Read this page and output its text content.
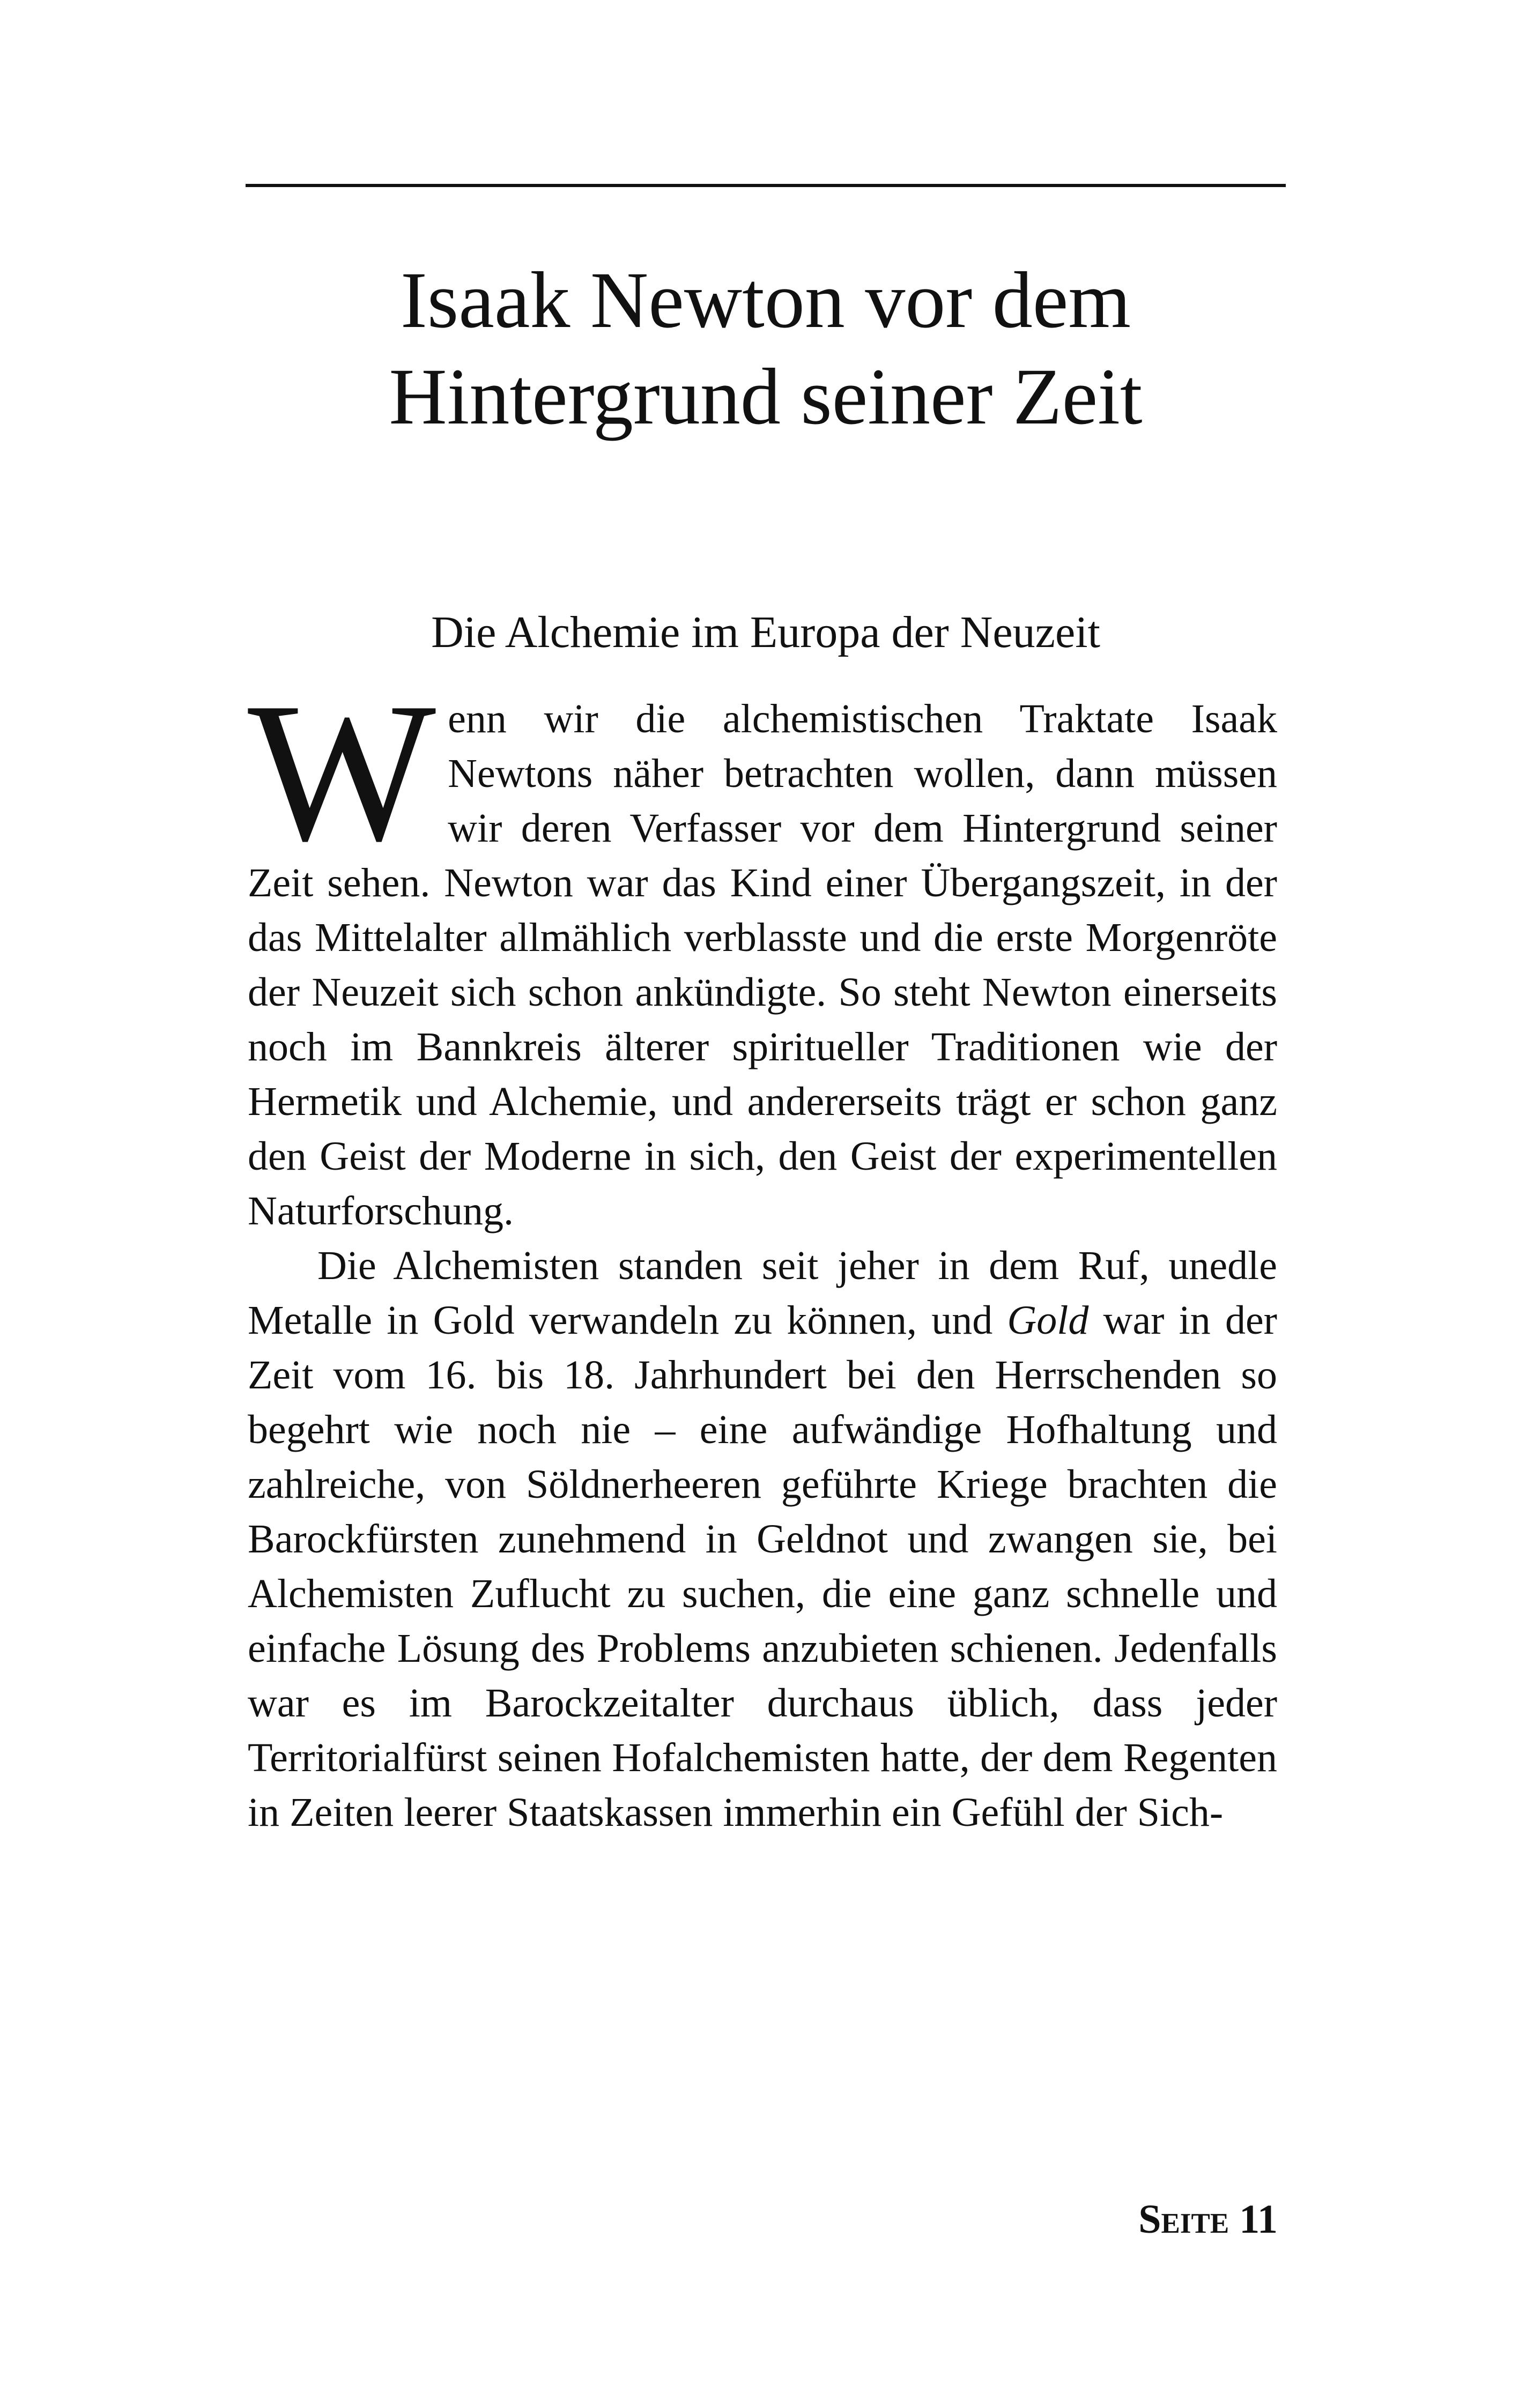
Isaak Newton vor dem
Hintergrund seiner Zeit
Die Alchemie im Europa der Neuzeit

Wenn wir die alchemistischen Traktate Isaak Newtons näher betrachten wollen, dann müssen wir deren Verfasser vor dem Hintergrund seiner Zeit sehen. Newton war das Kind einer Übergangszeit, in der das Mittelalter allmählich verblasste und die erste Morgenröte der Neuzeit sich schon ankündigte. So steht Newton einerseits noch im Bannkreis älterer spiritueller Traditionen wie der Hermetik und Alchemie, und andererseits trägt er schon ganz den Geist der Moderne in sich, den Geist der experimentellen Naturforschung.

Die Alchemisten standen seit jeher in dem Ruf, unedle Metalle in Gold verwandeln zu können, und Gold war in der Zeit vom 16. bis 18. Jahrhundert bei den Herrschenden so begehrt wie noch nie – eine aufwändige Hofhaltung und zahlreiche, von Söldnerheeren geführte Kriege brachten die Barockfürsten zunehmend in Geldnot und zwangen sie, bei Alchemisten Zuflucht zu suchen, die eine ganz schnelle und einfache Lösung des Problems anzubieten schienen. Jedenfalls war es im Barockzeitalter durchaus üblich, dass jeder Territorialfürst seinen Hofalchemisten hatte, der dem Regenten in Zeiten leerer Staatskassen immerhin ein Gefühl der Sich-

Seite 11
